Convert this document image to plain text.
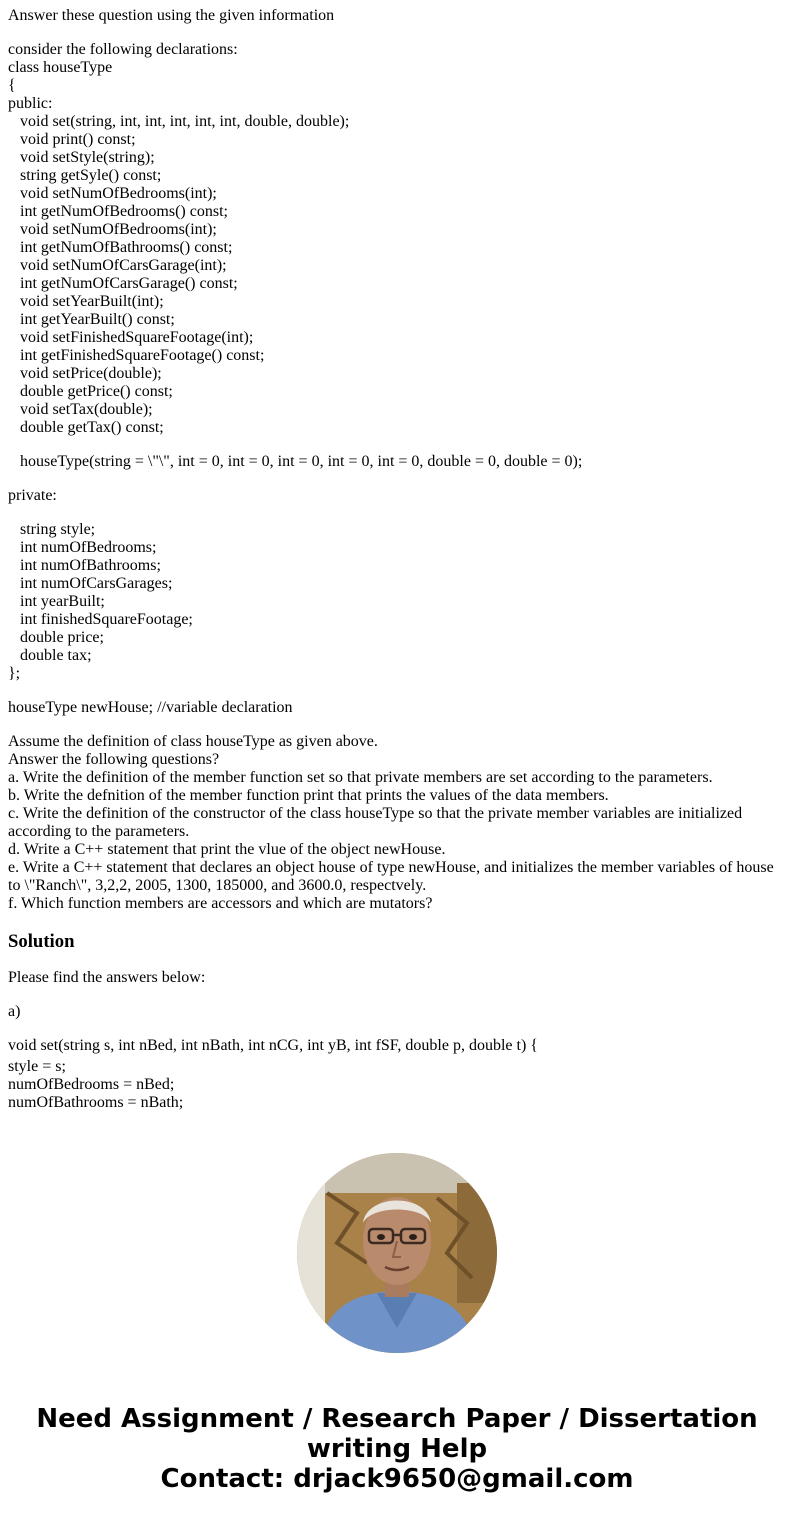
Answer these question using the given information
consider the following declarations:
class houseType
{
public:
void set(string, int, int, int, int, int, double, double);
void print() const;
void setStyle(string);
string getSyle() const;
void setNumOfBedrooms(int);
int getNumOfBedrooms() const;
void setNumOfBedrooms(int);
int getNumOfBathrooms() const;
void setNumOfCarsGarage(int);
int getNumOfCarsGarage() const;
void setYearBuilt(int);
int getYearBuilt() const;
void setFinishedSquareFootage(int);
int getFinishedSquareFootage() const;
void setPrice(double);
double getPrice() const;
void setTax(double);
double getTax() const;
houseType(string = \"\", int = 0, int = 0, int = 0, int = 0, int = 0, double = 0, double = 0);
private:
string style;
int numOfBedrooms;
int numOfBathrooms;
int numOfCarsGarages;
int yearBuilt;
int finishedSquareFootage;
double price;
double tax;
};
houseType newHouse; //variable declaration
Assume the definition of class houseType as given above.
Answer the following questions?
a. Write the definition of the member function set so that private members are set according to the parameters.
b. Write the defnition of the member function print that prints the values of the data members.
c. Write the definition of the constructor of the class houseType so that the private member variables are initialized according to the parameters.
d. Write a C++ statement that print the vlue of the object newHouse.
e. Write a C++ statement that declares an object house of type newHouse, and initializes the member variables of house to \"Ranch\", 3,2,2, 2005, 1300, 185000, and 3600.0, respectvely.
f. Which function members are accessors and which are mutators?
Solution
Please find the answers below:
a)
void set(string s, int nBed, int nBath, int nCG, int yB, int fSF, double p, double t) {
style = s;
numOfBedrooms = nBed;
numOfBathrooms = nBath;
Need Assignment / Research Paper / Dissertation
writing Help
Contact: drjack9650@gmail.com
